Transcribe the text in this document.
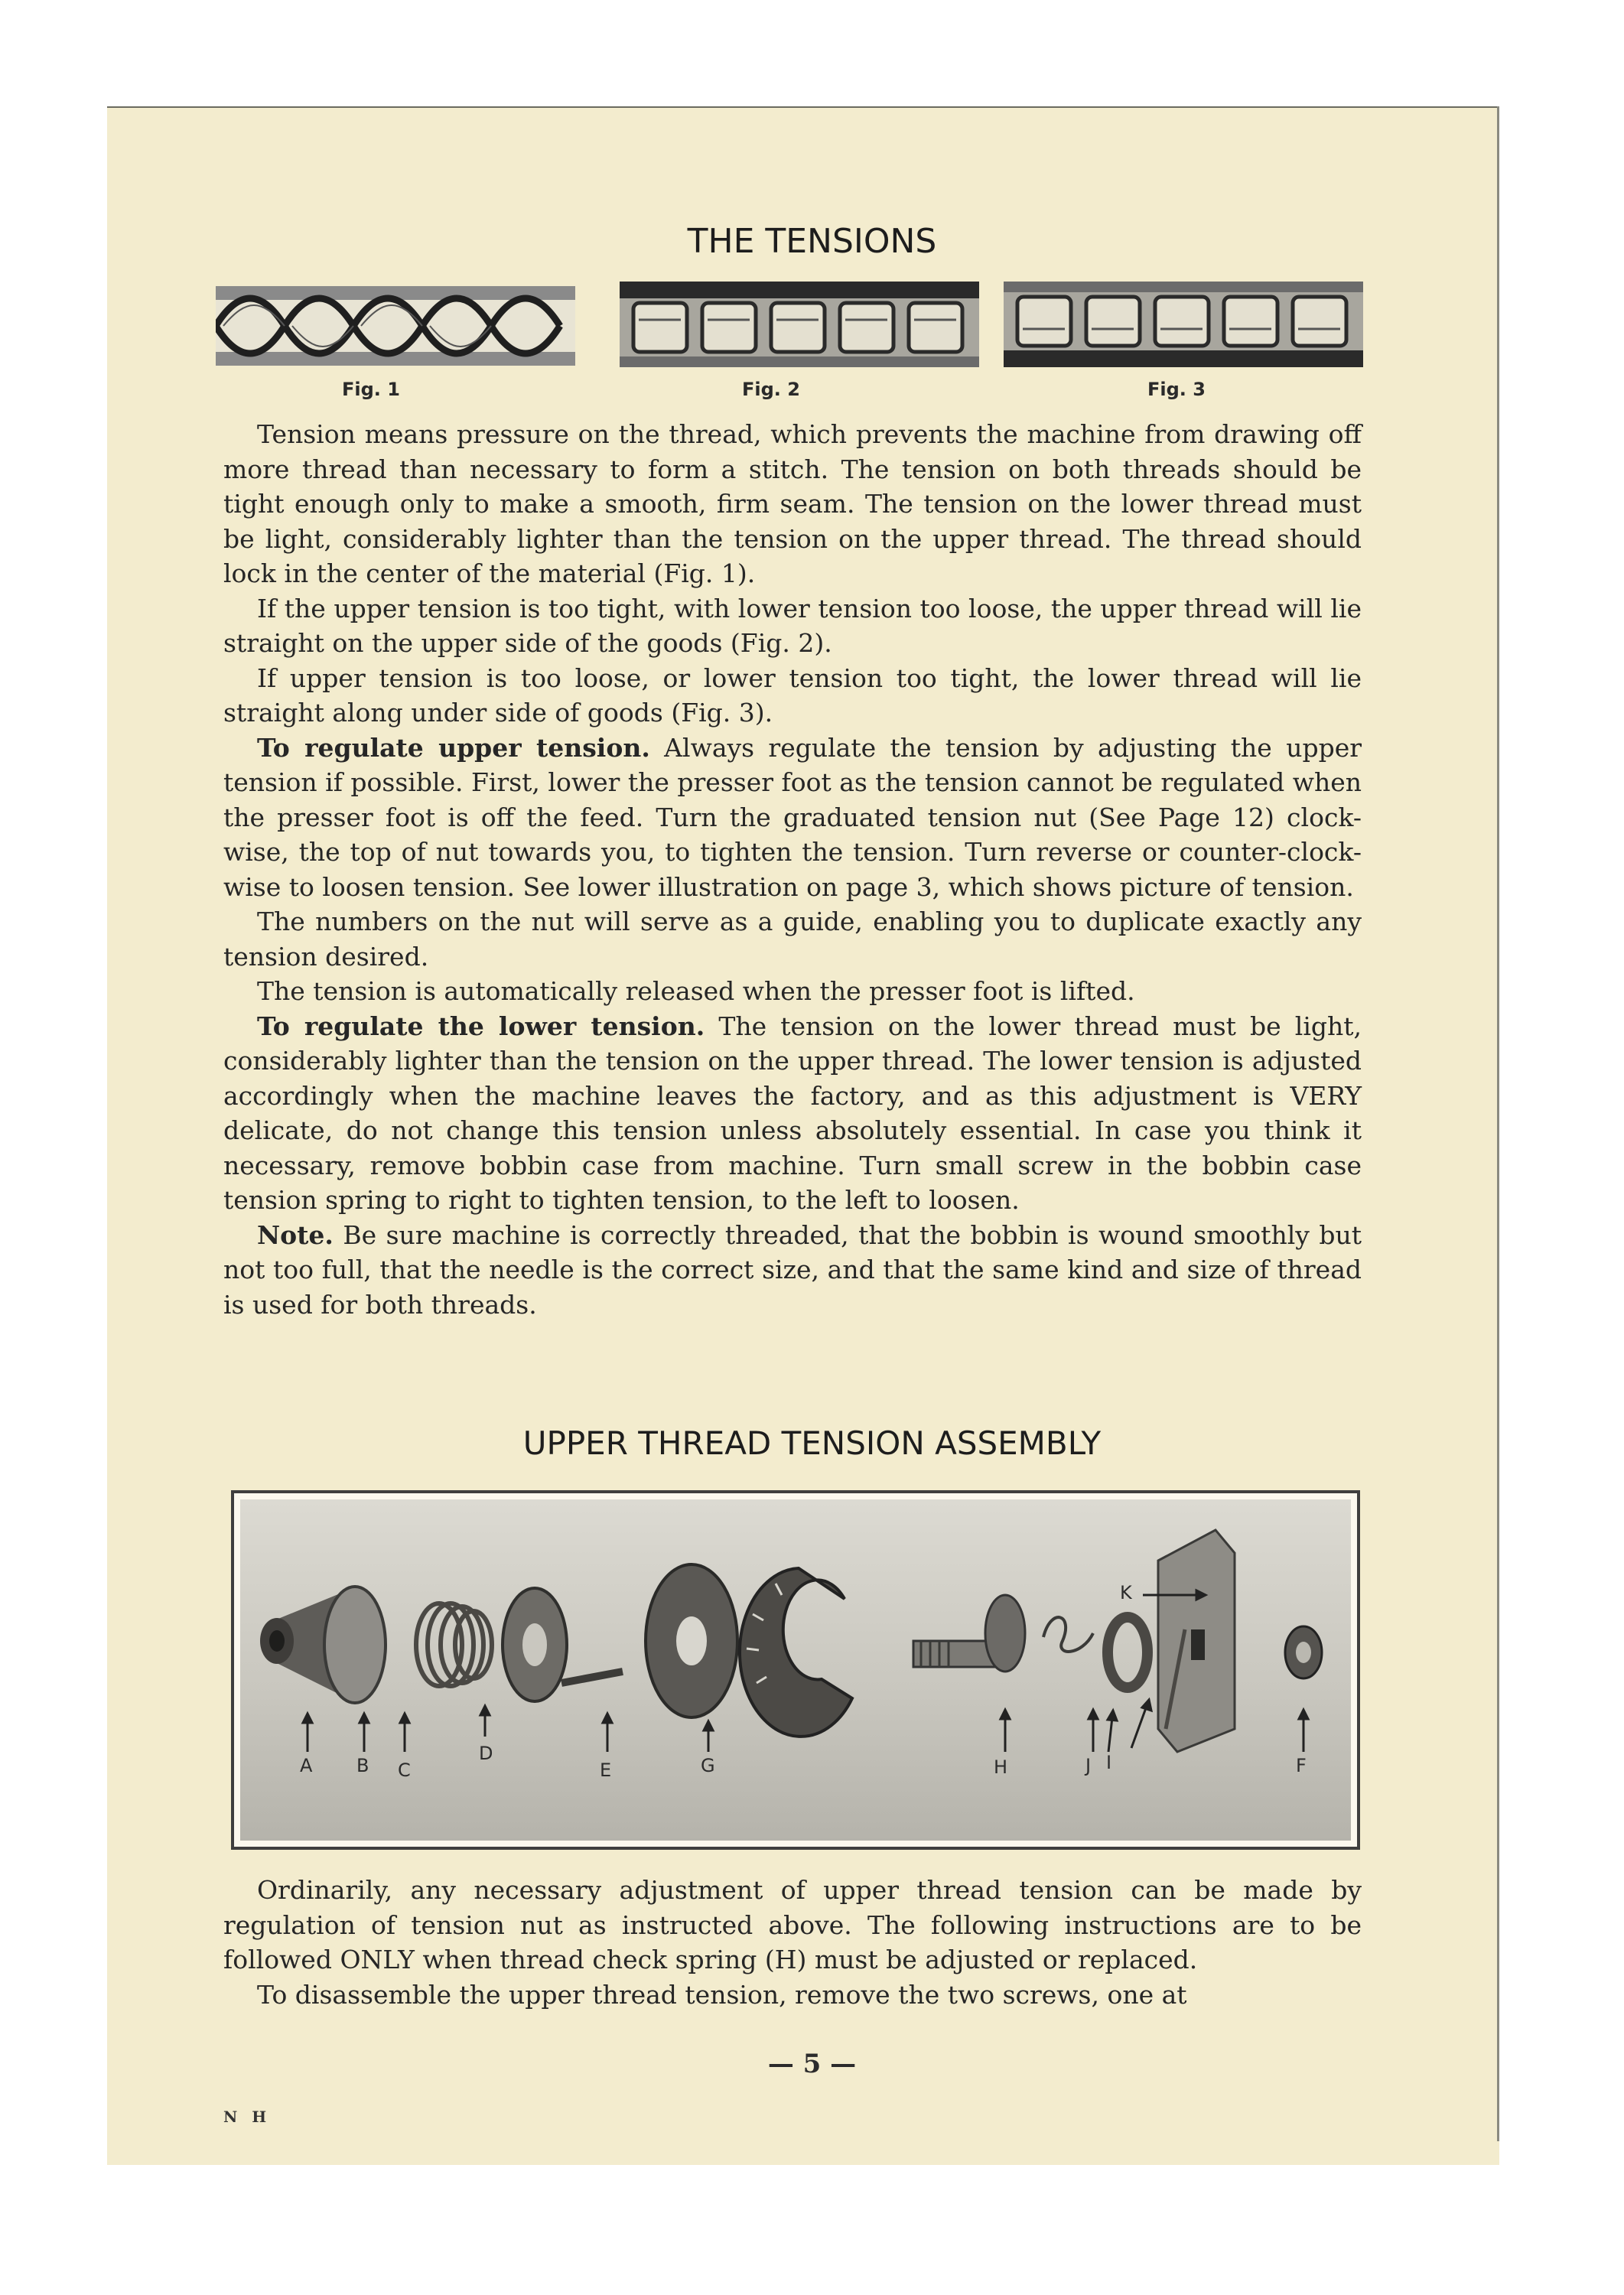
THE TENSIONS
Fig. 1	Fig. 2	Fig. 3

Tension means pressure on the thread, which prevents the machine from drawing off more thread than necessary to form a stitch. The tension on both threads should be tight enough only to make a smooth, firm seam. The tension on the lower thread must be light, considerably lighter than the tension on the upper thread. The thread should lock in the center of the material (Fig. 1).

If the upper tension is too tight, with lower tension too loose, the upper thread will lie straight on the upper side of the goods (Fig. 2).

If upper tension is too loose, or lower tension too tight, the lower thread will lie straight along under side of goods (Fig. 3).

To regulate upper tension. Always regulate the tension by adjusting the upper tension if possible. First, lower the presser foot as the tension cannot be regulated when the presser foot is off the feed. Turn the graduated tension nut (See Page 12) clock-wise, the top of nut towards you, to tighten the tension. Turn reverse or counter-clock-wise to loosen tension. See lower illustration on page 3, which shows picture of tension.

The numbers on the nut will serve as a guide, enabling you to duplicate exactly any tension desired.

The tension is automatically released when the presser foot is lifted.

To regulate the lower tension. The tension on the lower thread must be light, considerably lighter than the tension on the upper thread. The lower tension is adjusted accordingly when the machine leaves the factory, and as this adjustment is VERY delicate, do not change this tension unless absolutely essential. In case you think it necessary, remove bobbin case from machine. Turn small screw in the bobbin case tension spring to right to tighten tension, to the left to loosen.

Note. Be sure machine is correctly threaded, that the bobbin is wound smoothly but not too full, that the needle is the correct size, and that the same kind and size of thread is used for both threads.

UPPER THREAD TENSION ASSEMBLY
A B C
D
E	G	H	J I	F
K

Ordinarily, any necessary adjustment of upper thread tension can be made by regulation of tension nut as instructed above. The following instructions are to be followed ONLY when thread check spring (H) must be adjusted or replaced.

To disassemble the upper thread tension, remove the two screws, one at

— 5 —
N H
